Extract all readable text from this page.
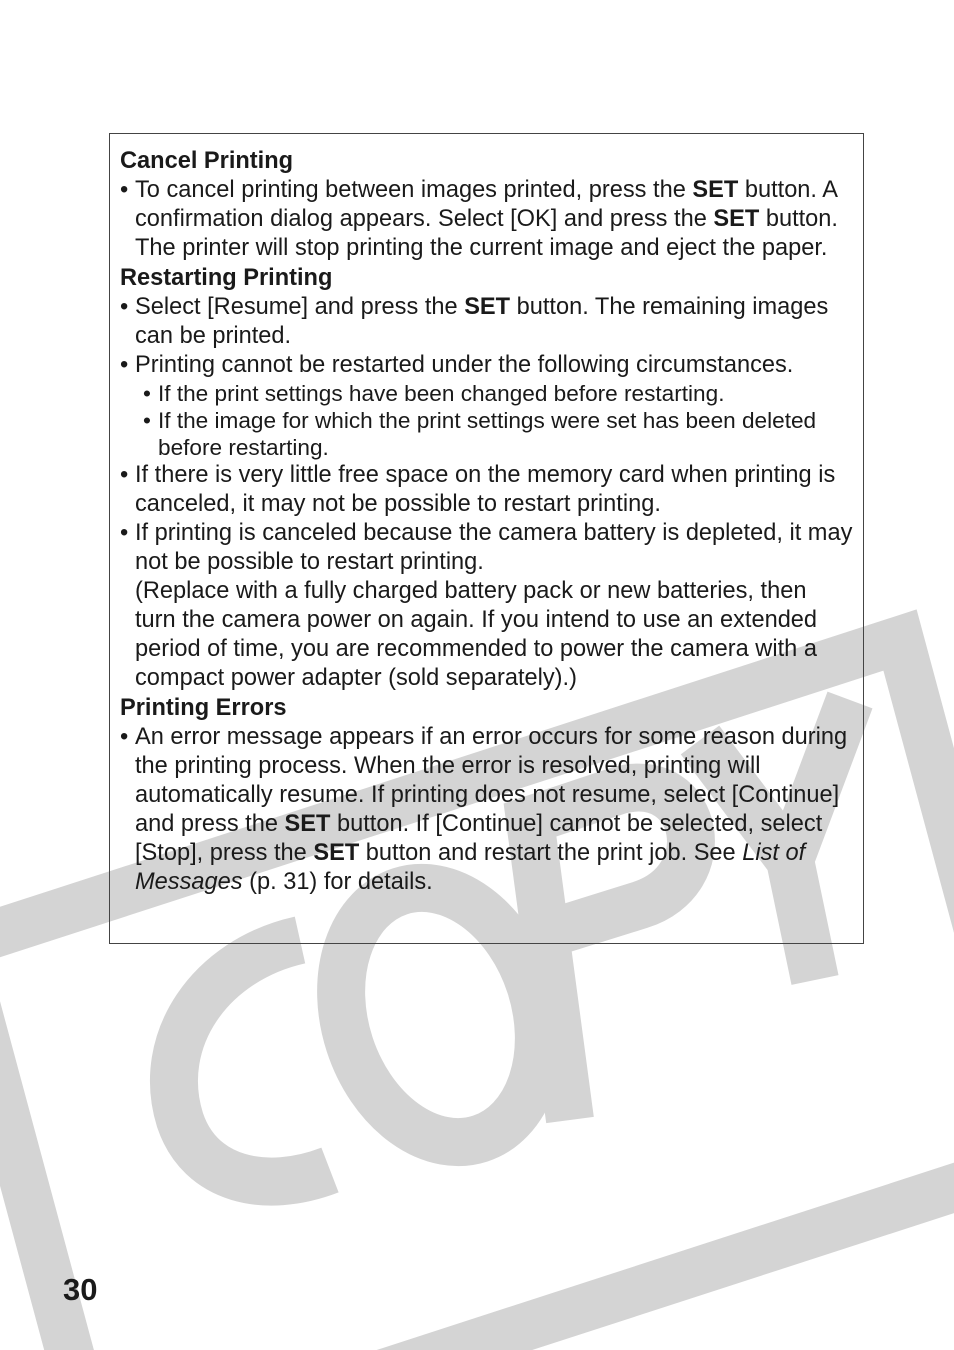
Cancel Printing
• To cancel printing between images printed, press the SET button. A confirmation dialog appears. Select [OK] and press the SET button. The printer will stop printing the current image and eject the paper.
Restarting Printing
• Select [Resume] and press the SET button. The remaining images can be printed.
• Printing cannot be restarted under the following circumstances.
• If the print settings have been changed before restarting.
• If the image for which the print settings were set has been deleted before restarting.
• If there is very little free space on the memory card when printing is canceled, it may not be possible to restart printing.
• If printing is canceled because the camera battery is depleted, it may not be possible to restart printing.
(Replace with a fully charged battery pack or new batteries, then turn the camera power on again. If you intend to use an extended period of time, you are recommended to power the camera with a compact power adapter (sold separately).)
Printing Errors
• An error message appears if an error occurs for some reason during the printing process. When the error is resolved, printing will automatically resume. If printing does not resume, select [Continue] and press the SET button. If [Continue] cannot be selected, select [Stop], press the SET button and restart the print job. See List of Messages (p. 31) for details.
30
